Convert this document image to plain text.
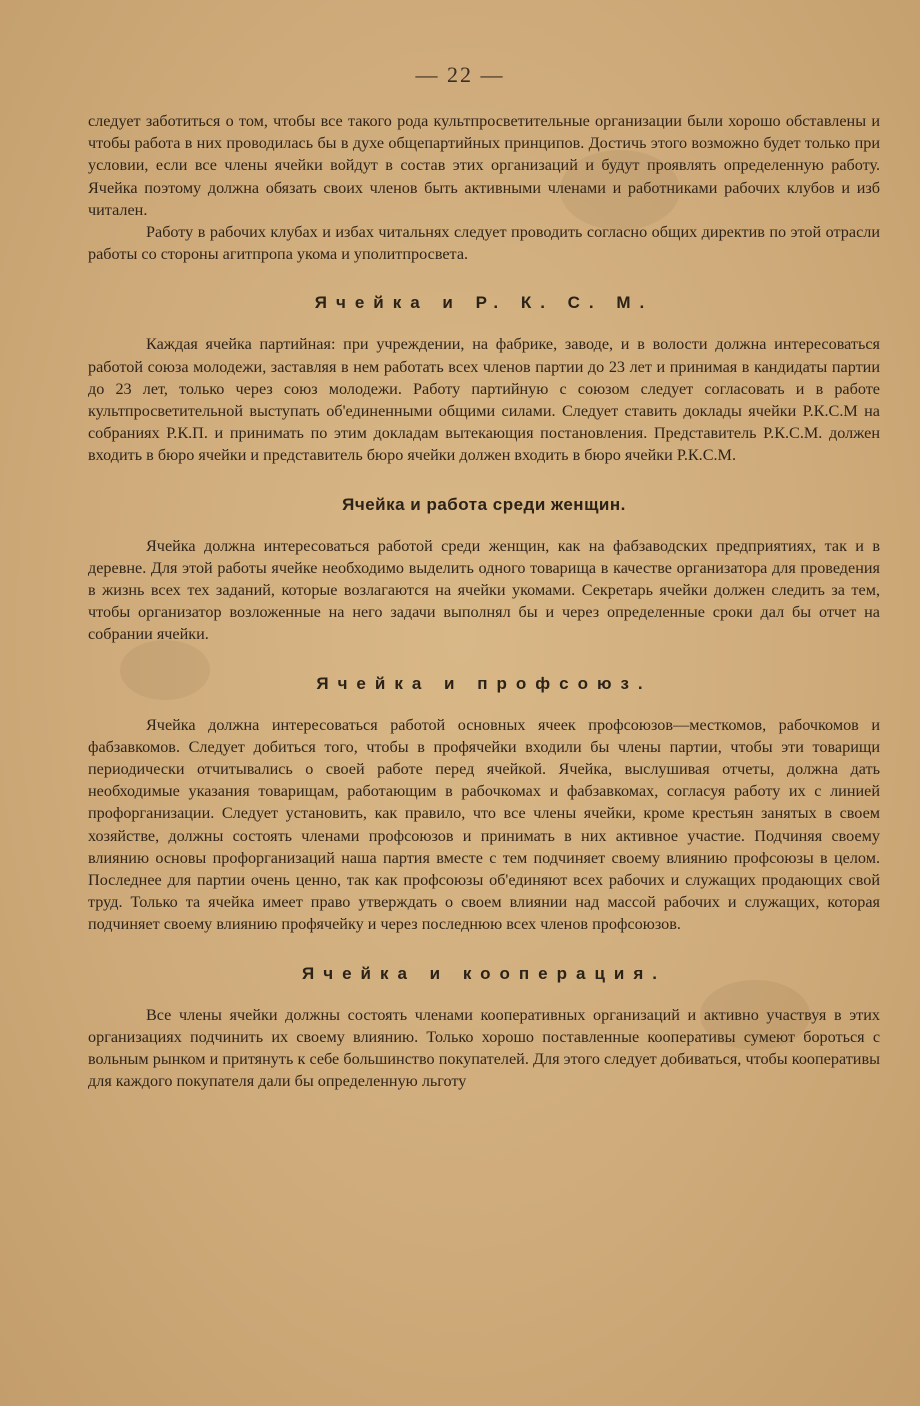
— 22 —

следует заботиться о том, чтобы все такого рода культпросветительные организации были хорошо обставлены и чтобы работа в них проводилась бы в духе общепартийных принципов. Достичь этого возможно будет только при условии, если все члены ячейки войдут в состав этих организаций и будут проявлять определенную работу. Ячейка поэтому должна обязать своих членов быть активными членами и работниками рабочих клубов и изб читален.

Работу в рабочих клубах и избах читальнях следует проводить согласно общих директив по этой отрасли работы со стороны агитпропа укома и уполитпросвета.

Ячейка и Р. К. С. М.

Каждая ячейка партийная: при учреждении, на фабрике, заводе, и в волости должна интересоваться работой союза молодежи, заставляя в нем работать всех членов партии до 23 лет и принимая в кандидаты партии до 23 лет, только через союз молодежи. Работу партийную с союзом следует согласовать и в работе культпросветительной выступать об'единенными общими силами. Следует ставить доклады ячейки Р.К.С.М на собраниях Р.К.П. и принимать по этим докладам вытекающия постановления. Представитель Р.К.С.М. должен входить в бюро ячейки и представитель бюро ячейки должен входить в бюро ячейки Р.К.С.М.

Ячейка и работа среди женщин.

Ячейка должна интересоваться работой среди женщин, как на фабзаводских предприятиях, так и в деревне. Для этой работы ячейке необходимо выделить одного товарища в качестве организатора для проведения в жизнь всех тех заданий, которые возлагаются на ячейки укомами. Секретарь ячейки должен следить за тем, чтобы организатор возложенные на него задачи выполнял бы и через определенные сроки дал бы отчет на собрании ячейки.

Ячейка и профсоюз.

Ячейка должна интересоваться работой основных ячеек профсоюзов—месткомов, рабочкомов и фабзавкомов. Следует добиться того, чтобы в профячейки входили бы члены партии, чтобы эти товарищи периодически отчитывались о своей работе перед ячейкой. Ячейка, выслушивая отчеты, должна дать необходимые указания товарищам, работающим в рабочкомах и фабзавкомах, согласуя работу их с линией профорганизации. Следует установить, как правило, что все члены ячейки, кроме крестьян занятых в своем хозяйстве, должны состоять членами профсоюзов и принимать в них активное участие. Подчиняя своему влиянию основы профорганизаций наша партия вместе с тем подчиняет своему влиянию профсоюзы в целом. Последнее для партии очень ценно, так как профсоюзы об'единяют всех рабочих и служащих продающих свой труд. Только та ячейка имеет право утверждать о своем влиянии над массой рабочих и служащих, которая подчиняет своему влиянию профячейку и через последнюю всех членов профсоюзов.

Ячейка и кооперация.

Все члены ячейки должны состоять членами кооперативных организаций и активно участвуя в этих организациях подчинить их своему влиянию. Только хорошо поставленные кооперативы сумеют бороться с вольным рынком и притянуть к себе большинство покупателей. Для этого следует добиваться, чтобы кооперативы для каждого покупателя дали бы определенную льготу
